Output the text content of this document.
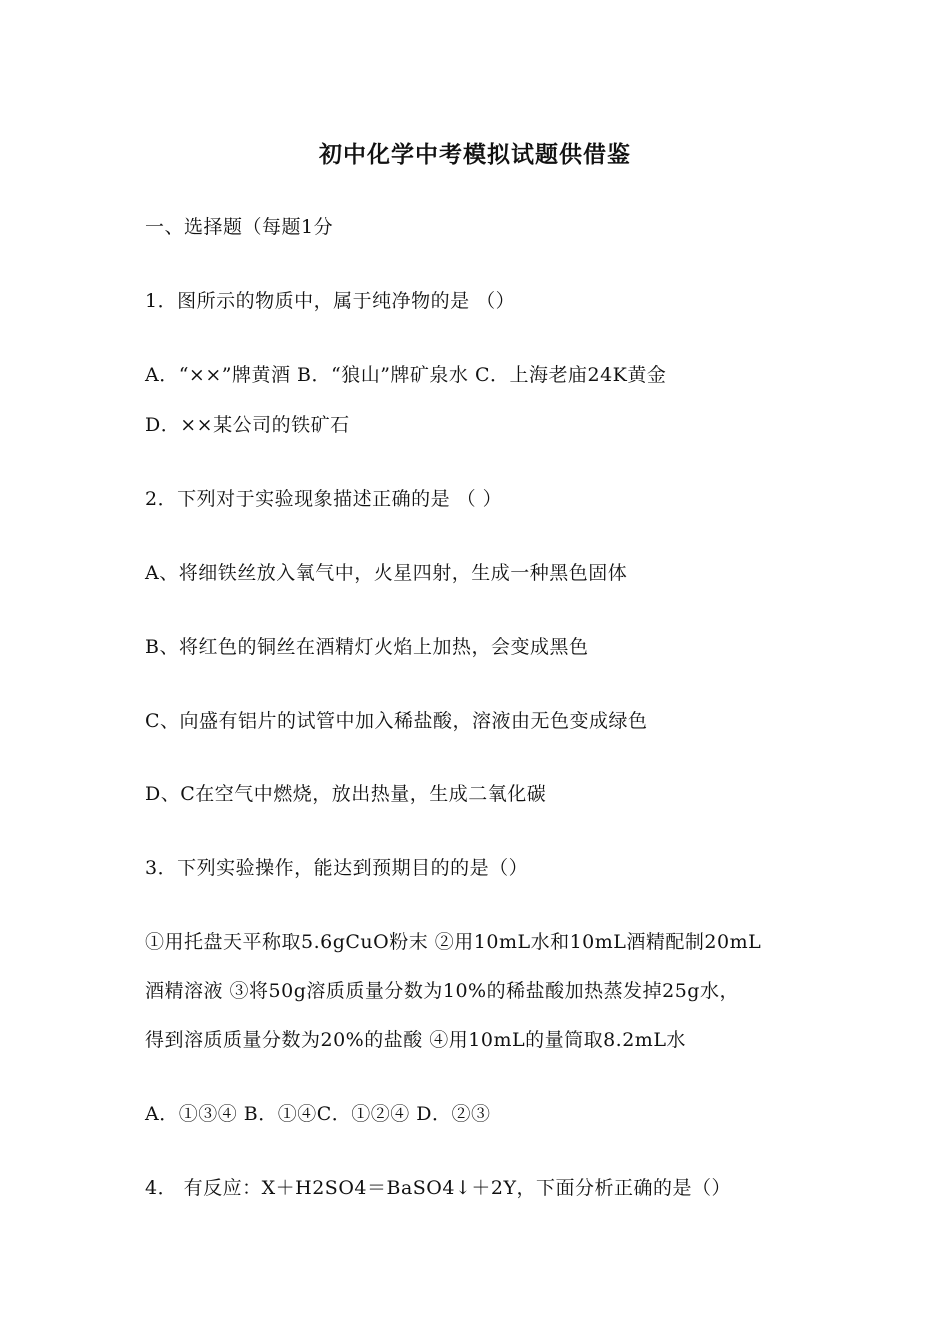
初中化学中考模拟试题供借鉴
一、选择题（每题1分
1．图所示的物质中，属于纯净物的是 （）
A．“××”牌黄酒 B．“狼山”牌矿泉水 C．上海老庙24K黄金
D．××某公司的铁矿石
2．下列对于实验现象描述正确的是 （ ）
A、将细铁丝放入氧气中，火星四射，生成一种黑色固体
B、将红色的铜丝在酒精灯火焰上加热，会变成黑色
C、向盛有铝片的试管中加入稀盐酸，溶液由无色变成绿色
D、C在空气中燃烧，放出热量，生成二氧化碳
3．下列实验操作，能达到预期目的的是（）
①用托盘天平称取5.6gCuO粉末 ②用10mL水和10mL酒精配制20mL
酒精溶液 ③将50g溶质质量分数为10%的稀盐酸加热蒸发掉25g水，
得到溶质质量分数为20%的盐酸 ④用10mL的量筒取8.2mL水
A．①③④ B．①④C．①②④ D．②③
4． 有反应：X＋H2SO4＝BaSO4↓＋2Y，下面分析正确的是（）
